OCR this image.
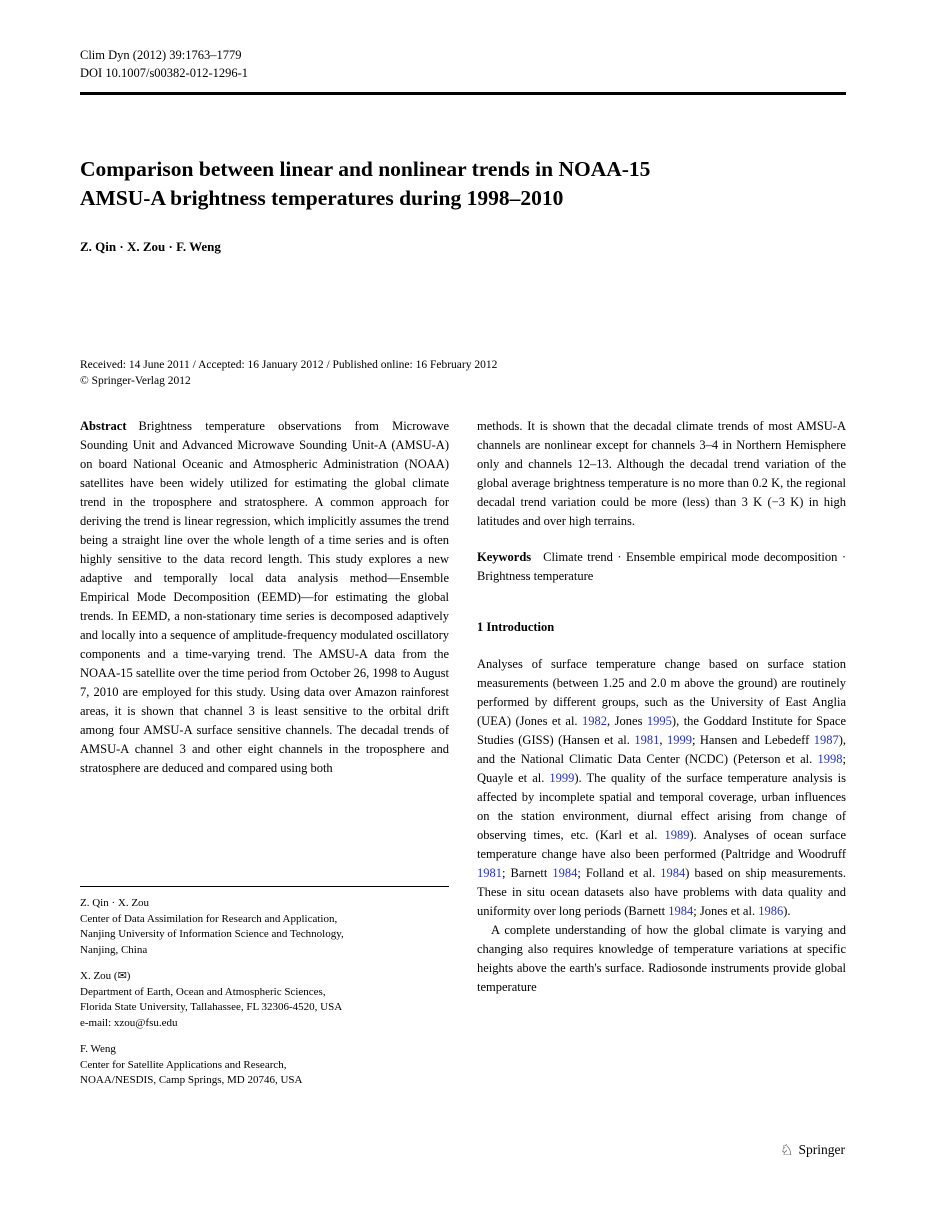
Clim Dyn (2012) 39:1763–1779
DOI 10.1007/s00382-012-1296-1
Comparison between linear and nonlinear trends in NOAA-15
AMSU-A brightness temperatures during 1998–2010
Z. Qin · X. Zou · F. Weng
Received: 14 June 2011 / Accepted: 16 January 2012 / Published online: 16 February 2012
© Springer-Verlag 2012

Abstract Brightness temperature observations from Microwave Sounding Unit and Advanced Microwave Sounding Unit-A (AMSU-A) on board National Oceanic and Atmospheric Administration (NOAA) satellites have been widely utilized for estimating the global climate trend in the troposphere and stratosphere. A common approach for deriving the trend is linear regression, which implicitly assumes the trend being a straight line over the whole length of a time series and is often highly sensitive to the data record length. This study explores a new adaptive and temporally local data analysis method—Ensemble Empirical Mode Decomposition (EEMD)—for estimating the global trends. In EEMD, a non-stationary time series is decomposed adaptively and locally into a sequence of amplitude-frequency modulated oscillatory components and a time-varying trend. The AMSU-A data from the NOAA-15 satellite over the time period from October 26, 1998 to August 7, 2010 are employed for this study. Using data over Amazon rainforest areas, it is shown that channel 3 is least sensitive to the orbital drift among four AMSU-A surface sensitive channels. The decadal trends of AMSU-A channel 3 and other eight channels in the troposphere and stratosphere are deduced and compared using both

Z. Qin · X. Zou
Center of Data Assimilation for Research and Application,
Nanjing University of Information Science and Technology,
Nanjing, China
X. Zou (✉)
Department of Earth, Ocean and Atmospheric Sciences,
Florida State University, Tallahassee, FL 32306-4520, USA
e-mail: xzou@fsu.edu
F. Weng
Center for Satellite Applications and Research,
NOAA/NESDIS, Camp Springs, MD 20746, USA

methods. It is shown that the decadal climate trends of most AMSU-A channels are nonlinear except for channels 3–4 in Northern Hemisphere only and channels 12–13. Although the decadal trend variation of the global average brightness temperature is no more than 0.2 K, the regional decadal trend variation could be more (less) than 3 K (−3 K) in high latitudes and over high terrains.

Keywords Climate trend · Ensemble empirical mode decomposition · Brightness temperature

1 Introduction

Analyses of surface temperature change based on surface station measurements (between 1.25 and 2.0 m above the ground) are routinely performed by different groups, such as the University of East Anglia (UEA) (Jones et al. 1982, Jones 1995), the Goddard Institute for Space Studies (GISS) (Hansen et al. 1981, 1999; Hansen and Lebedeff 1987), and the National Climatic Data Center (NCDC) (Peterson et al. 1998; Quayle et al. 1999). The quality of the surface temperature analysis is affected by incomplete spatial and temporal coverage, urban influences on the station environment, diurnal effect arising from change of observing times, etc. (Karl et al. 1989). Analyses of ocean surface temperature change have also been performed (Paltridge and Woodruff 1981; Barnett 1984; Folland et al. 1984) based on ship measurements. These in situ ocean datasets also have problems with data quality and uniformity over long periods (Barnett 1984; Jones et al. 1986).

A complete understanding of how the global climate is varying and changing also requires knowledge of temperature variations at specific heights above the earth's surface. Radiosonde instruments provide global temperature

♘ Springer
